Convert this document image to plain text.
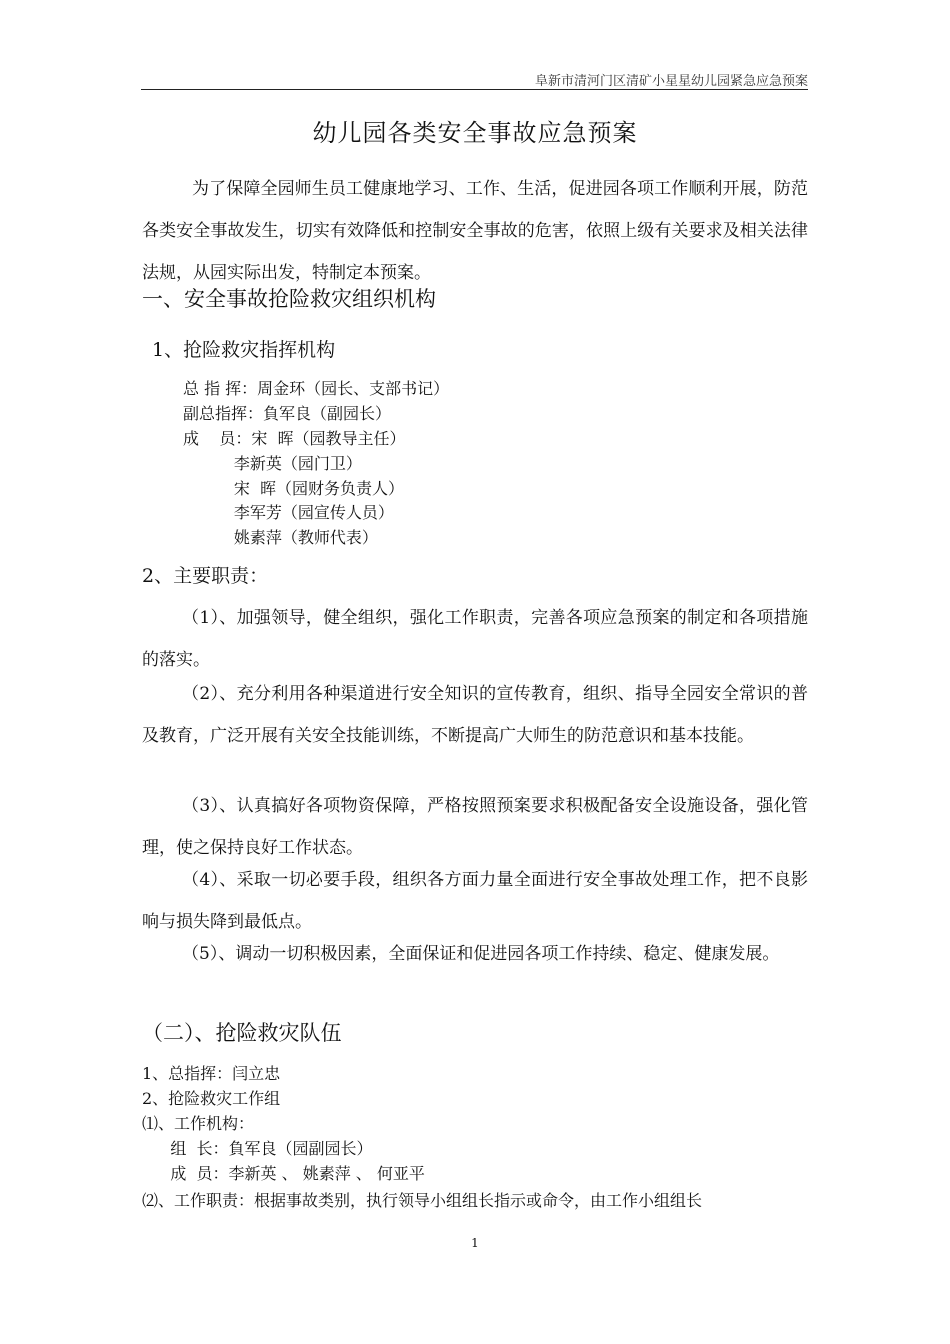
阜新市清河门区清矿小星星幼儿园紧急应急预案
幼儿园各类安全事故应急预案

为了保障全园师生员工健康地学习、工作、生活，促进园各项工作顺利开展，防范各类安全事故发生，切实有效降低和控制安全事故的危害，依照上级有关要求及相关法律法规，从园实际出发，特制定本预案。

一、安全事故抢险救灾组织机构
1、抢险救灾指挥机构
总 指 挥：周金环（园长、支部书记）
副总指挥：負军良（副园长）
成    员：宋  晖（园教导主任）
李新英（园门卫）
宋  晖（园财务负责人）
李军芳（园宣传人员）
姚素萍（教师代表）
2、主要职责：

（1）、加强领导，健全组织，强化工作职责，完善各项应急预案的制定和各项措施的落实。

（2）、充分利用各种渠道进行安全知识的宣传教育，组织、指导全园安全常识的普及教育，广泛开展有关安全技能训练，不断提高广大师生的防范意识和基本技能。

（3）、认真搞好各项物资保障，严格按照预案要求积极配备安全设施设备，强化管理，使之保持良好工作状态。

（4）、采取一切必要手段，组织各方面力量全面进行安全事故处理工作，把不良影响与损失降到最低点。

（5）、调动一切积极因素，全面保证和促进园各项工作持续、稳定、健康发展。

（二）、抢险救灾队伍
1、总指挥：闫立忠
2、抢险救灾工作组
⑴、工作机构：
组  长：負军良（园副园长）
成  员：李新英 、 姚素萍 、 何亚平
⑵、工作职责：根据事故类别，执行领导小组组长指示或命令，由工作小组组长
1
